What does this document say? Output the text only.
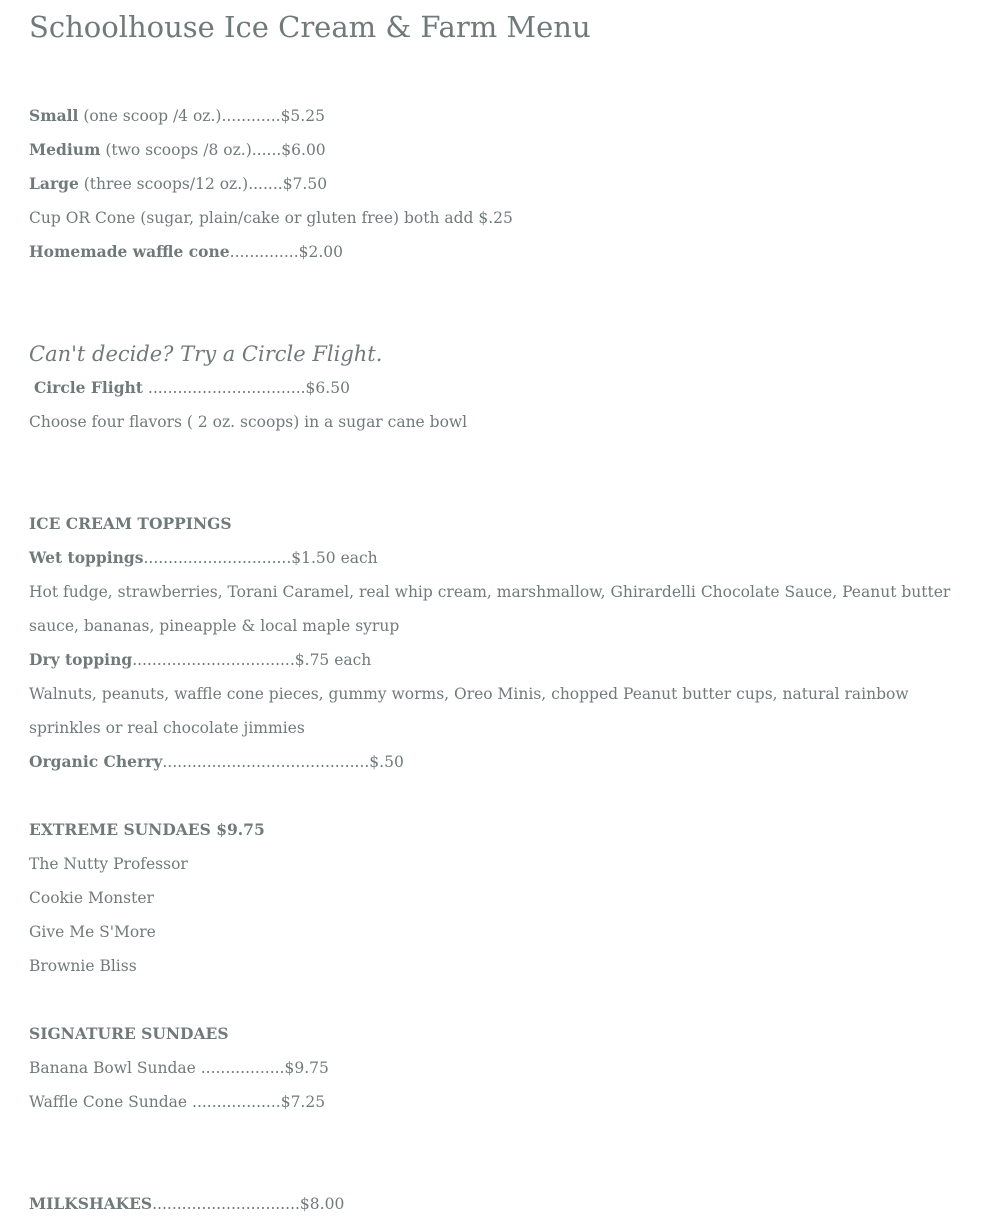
Schoolhouse Ice Cream & Farm Menu
Small (one scoop /4 oz.)............$5.25
Medium (two scoops /8 oz.)......$6.00
Large (three scoops/12 oz.).......$7.50
Cup OR Cone (sugar, plain/cake or gluten free) both add $.25
Homemade waffle cone..............$2.00
Can't decide? Try a Circle Flight.
Circle Flight ................................$6.50
Choose four flavors ( 2 oz. scoops) in a sugar cane bowl
ICE CREAM TOPPINGS
Wet toppings..............................$1.50 each
Hot fudge, strawberries, Torani Caramel, real whip cream, marshmallow, Ghirardelli Chocolate Sauce, Peanut butter sauce, bananas, pineapple & local maple syrup
Dry topping.................................$.75 each
Walnuts, peanuts, waffle cone pieces, gummy worms, Oreo Minis, chopped Peanut butter cups, natural rainbow sprinkles or real chocolate jimmies
Organic Cherry..........................................$.50
EXTREME SUNDAES $9.75
The Nutty Professor
Cookie Monster
Give Me S'More
Brownie Bliss
SIGNATURE SUNDAES
Banana Bowl Sundae .................$9.75
Waffle Cone Sundae ..................$7.25
MILKSHAKES..............................$8.00
